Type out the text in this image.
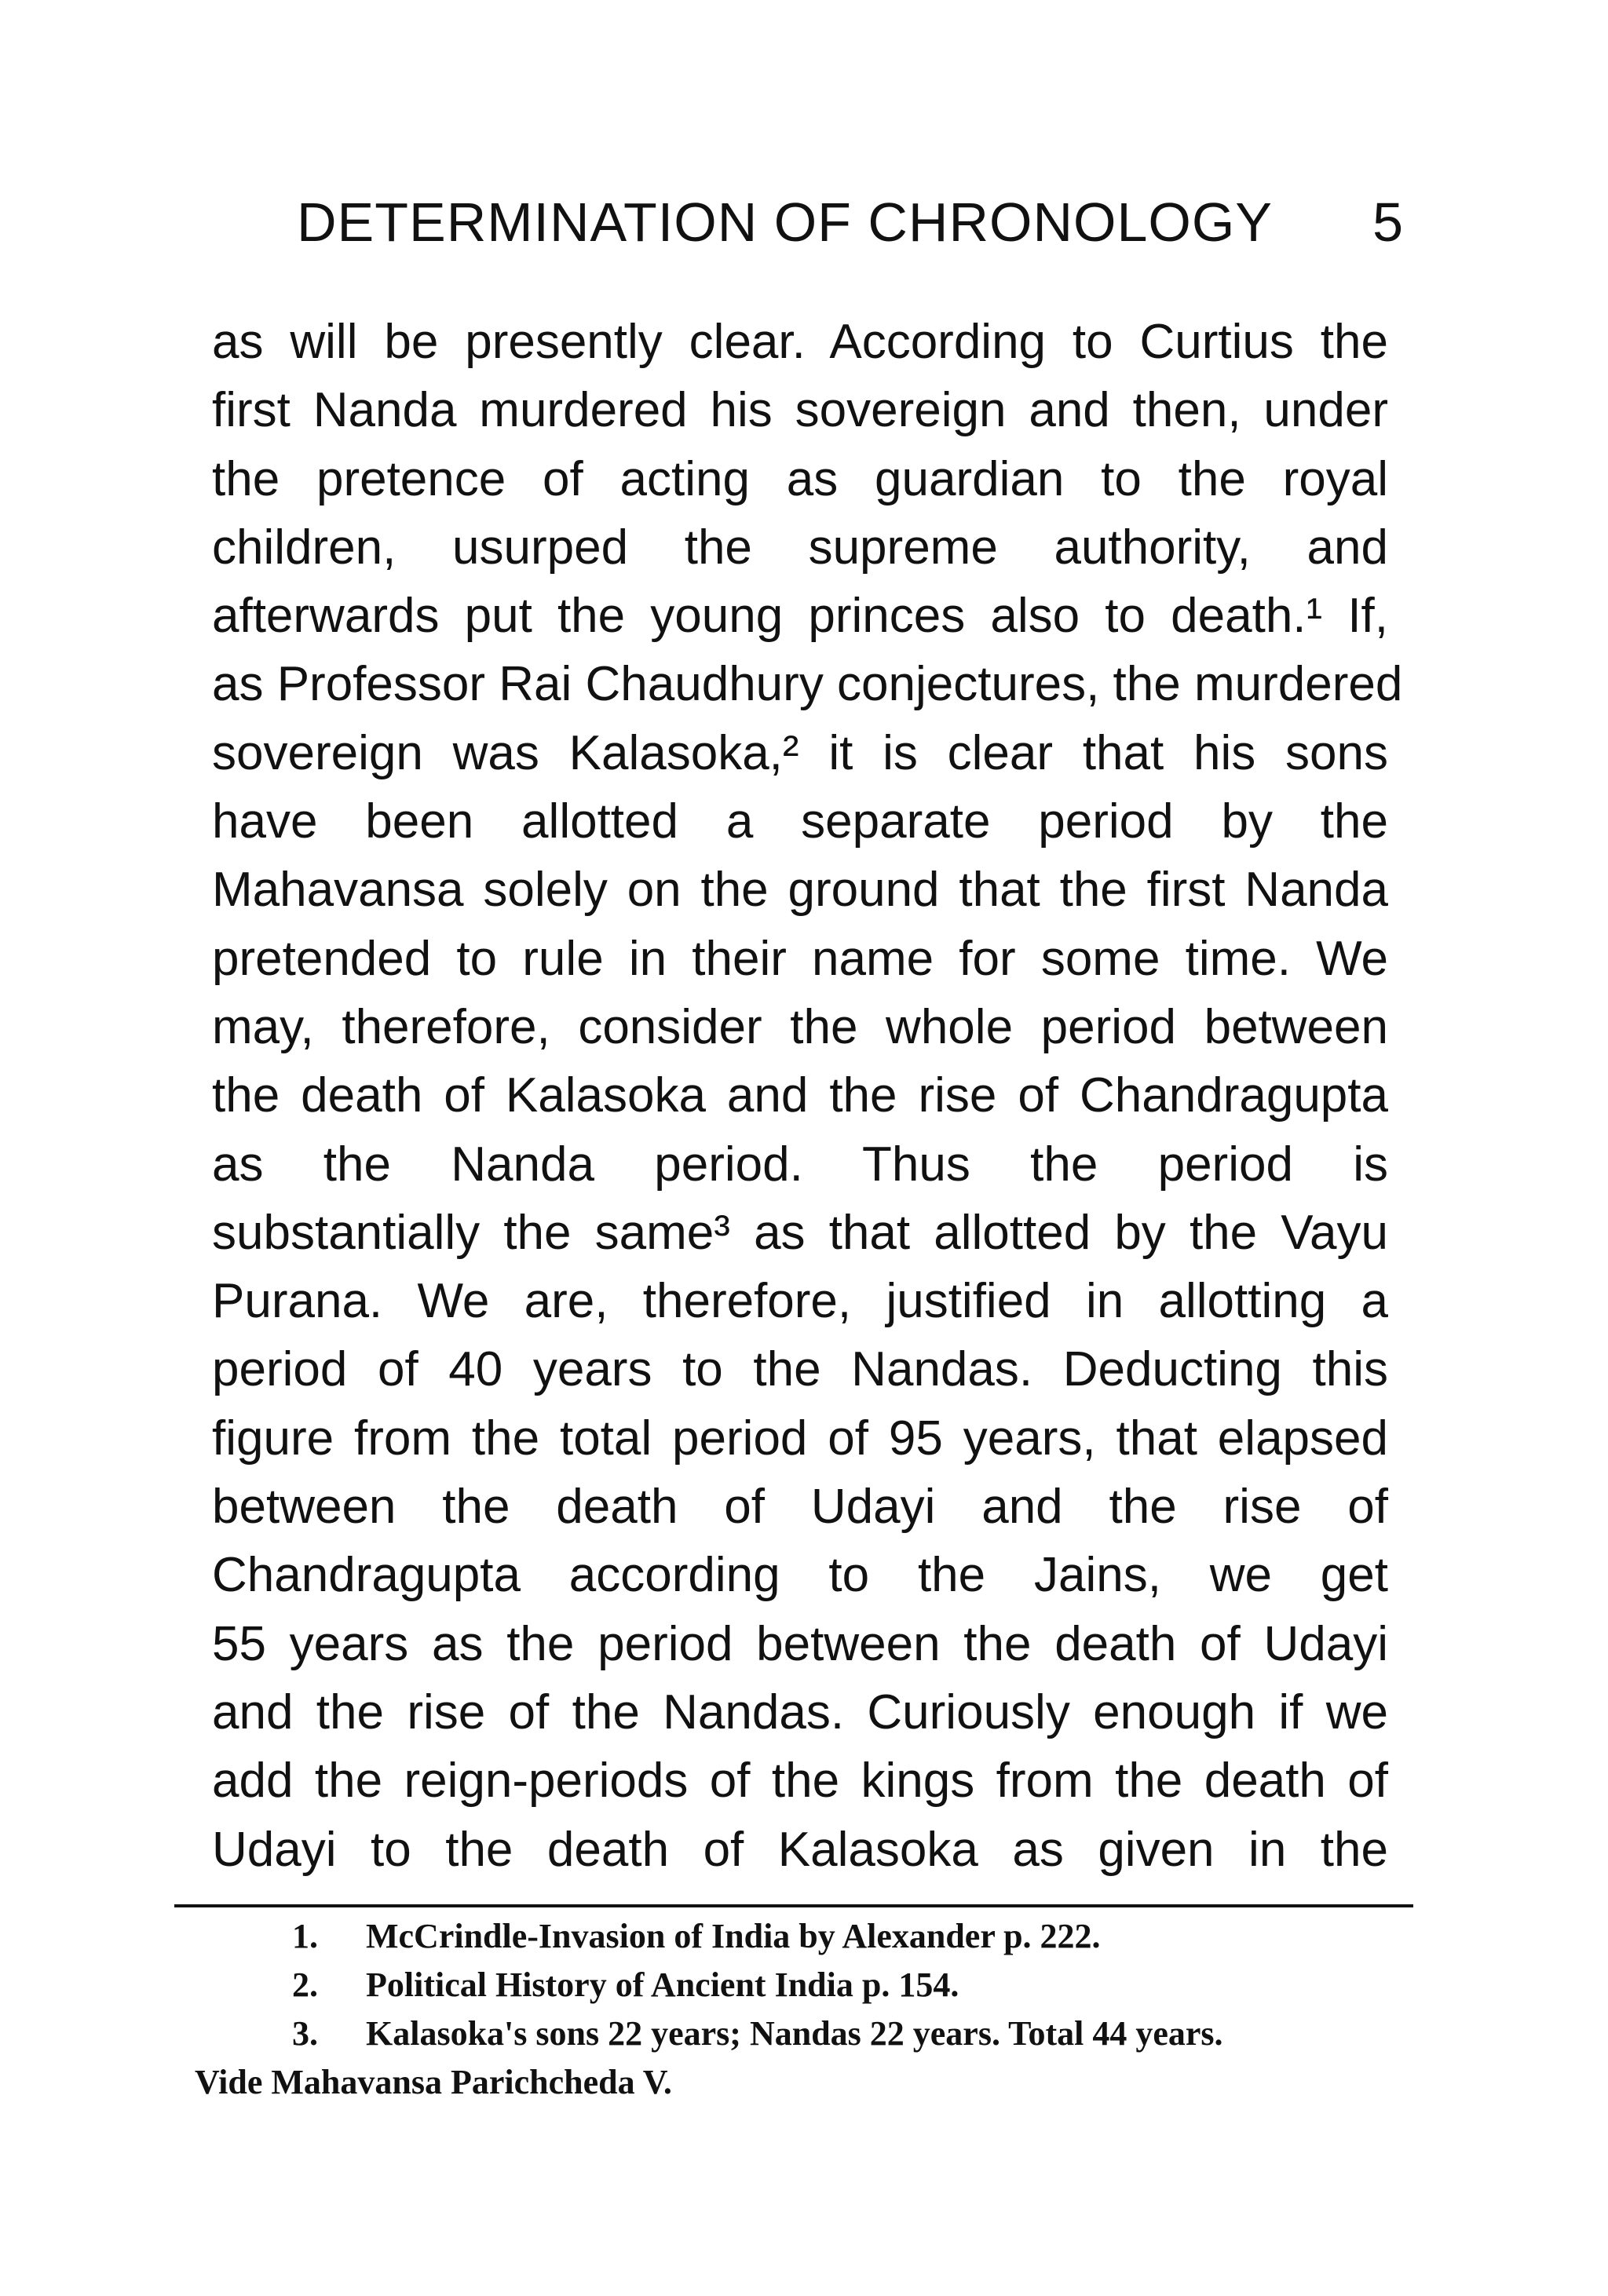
DETERMINATION OF CHRONOLOGY 5
as will be presently clear. According to Curtius the
first Nanda murdered his sovereign and then, under
the pretence of acting as guardian to the royal
children, usurped the supreme authority, and
afterwards put the young princes also to death.¹ If,
as Professor Rai Chaudhury conjectures, the murdered
sovereign was Kalasoka,² it is clear that his sons
have been allotted a separate period by the
Mahavansa solely on the ground that the first Nanda
pretended to rule in their name for some time. We
may, therefore, consider the whole period between
the death of Kalasoka and the rise of Chandragupta
as the Nanda period. Thus the period is
substantially the same³ as that allotted by the Vayu
Purana. We are, therefore, justified in allotting a
period of 40 years to the Nandas. Deducting this
figure from the total period of 95 years, that elapsed
between the death of Udayi and the rise of
Chandragupta according to the Jains, we get
55 years as the period between the death of Udayi
and the rise of the Nandas. Curiously enough if we
add the reign-periods of the kings from the death of
Udayi to the death of Kalasoka as given in the
1. McCrindle-Invasion of India by Alexander p. 222.
2. Political History of Ancient India p. 154.
3. Kalasoka's sons 22 years; Nandas 22 years. Total 44 years.
Vide Mahavansa Parichcheda V.
